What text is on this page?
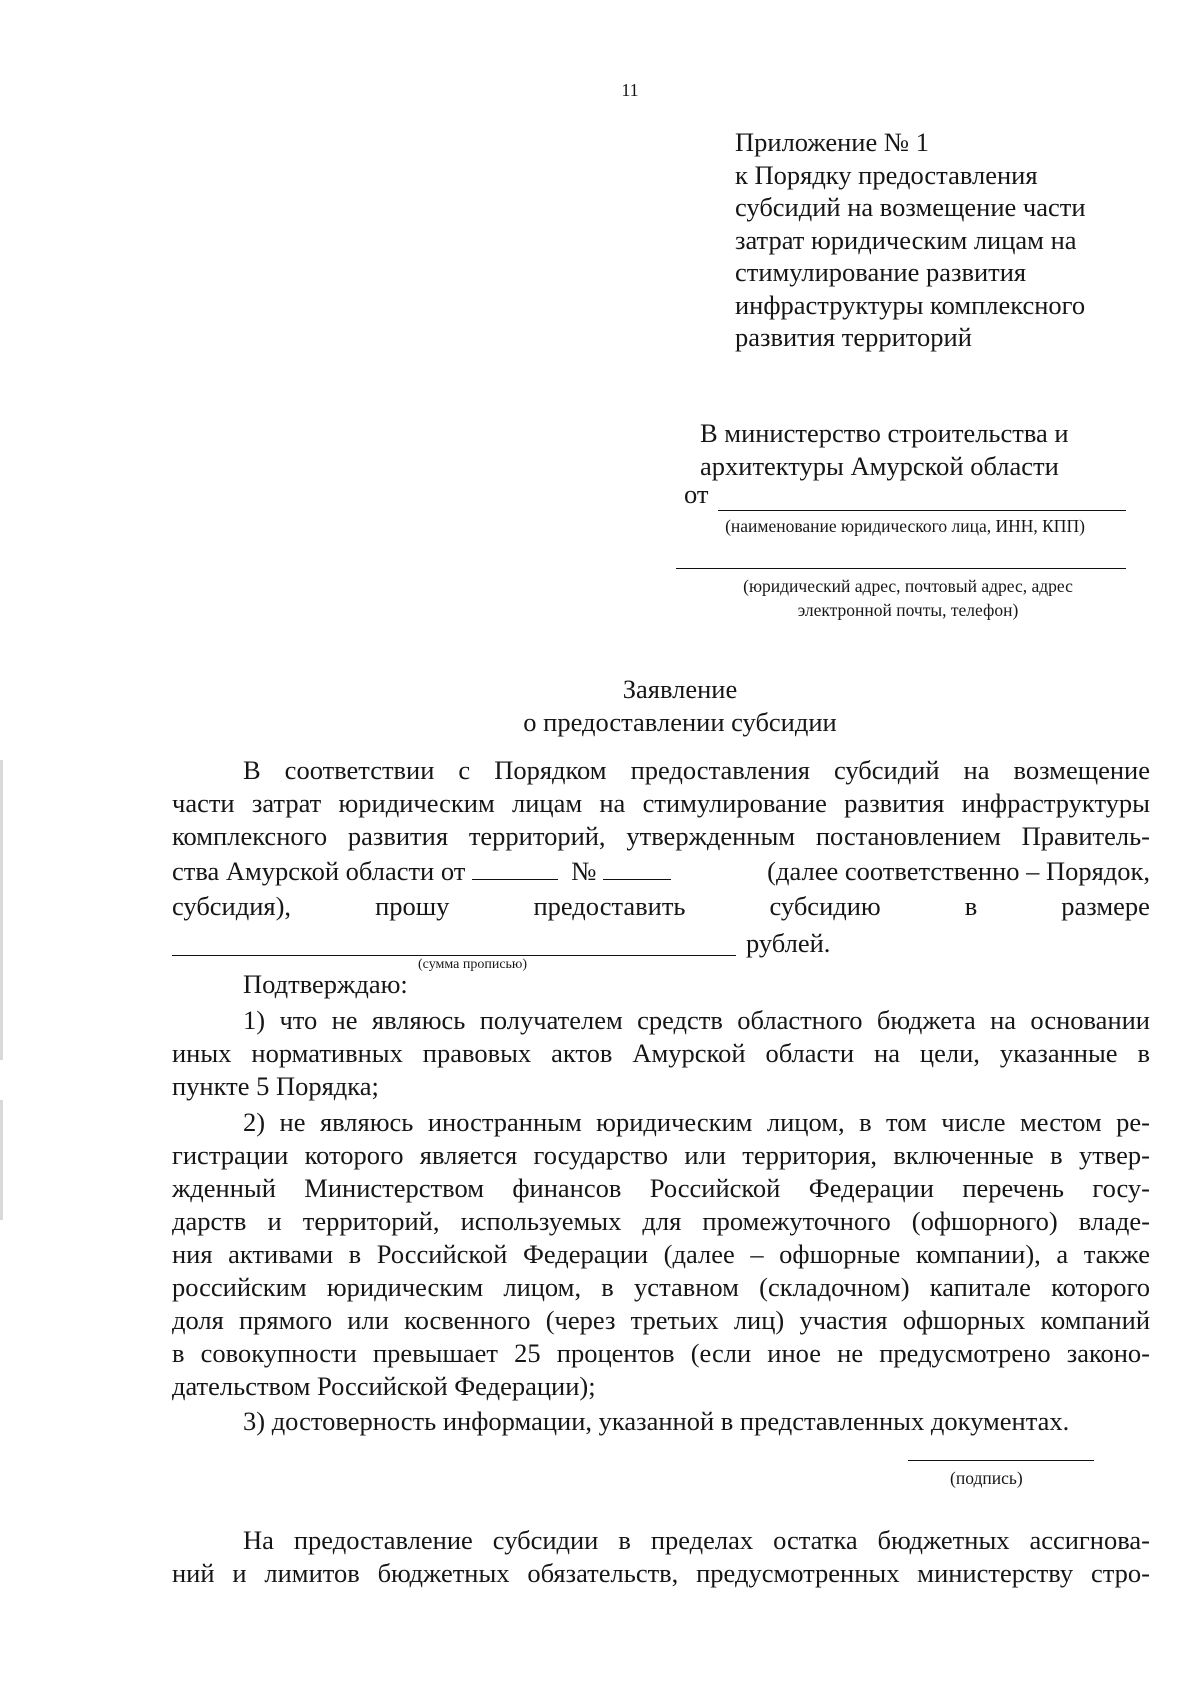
11
Приложение № 1
к Порядку предоставления
субсидий на возмещение части
затрат юридическим лицам на
стимулирование развития
инфраструктуры комплексного
развития территорий
В министерство строительства и
архитектуры Амурской области
от
(наименование юридического лица, ИНН, КПП)
(юридический адрес, почтовый адрес, адрес
электронной почты, телефон)
Заявление
о предоставлении субсидии
В соответствии с Порядком предоставления субсидий на возмещение
части затрат юридическим лицам на стимулирование развития инфраструктуры
комплексного развития территорий, утвержденным постановлением Правитель-
ства Амурской области от	№	(далее соответственно – Порядок,
субсидия),	прошу	предоставить	субсидию	в	размере
рублей.
(сумма прописью)
Подтверждаю:
1) что не являюсь получателем средств областного бюджета на основании
иных нормативных правовых актов Амурской области на цели, указанные в
пункте 5 Порядка;
2) не являюсь иностранным юридическим лицом, в том числе местом ре-
гистрации которого является государство или территория, включенные в утвер-
жденный Министерством финансов Российской Федерации перечень госу-
дарств и территорий, используемых для промежуточного (офшорного) владе-
ния активами в Российской Федерации (далее – офшорные компании), а также
российским юридическим лицом, в уставном (складочном) капитале которого
доля прямого или косвенного (через третьих лиц) участия офшорных компаний
в совокупности превышает 25 процентов (если иное не предусмотрено законо-
дательством Российской Федерации);
3) достоверность информации, указанной в представленных документах.
(подпись)
На предоставление субсидии в пределах остатка бюджетных ассигнова-
ний и лимитов бюджетных обязательств, предусмотренных министерству стро-
